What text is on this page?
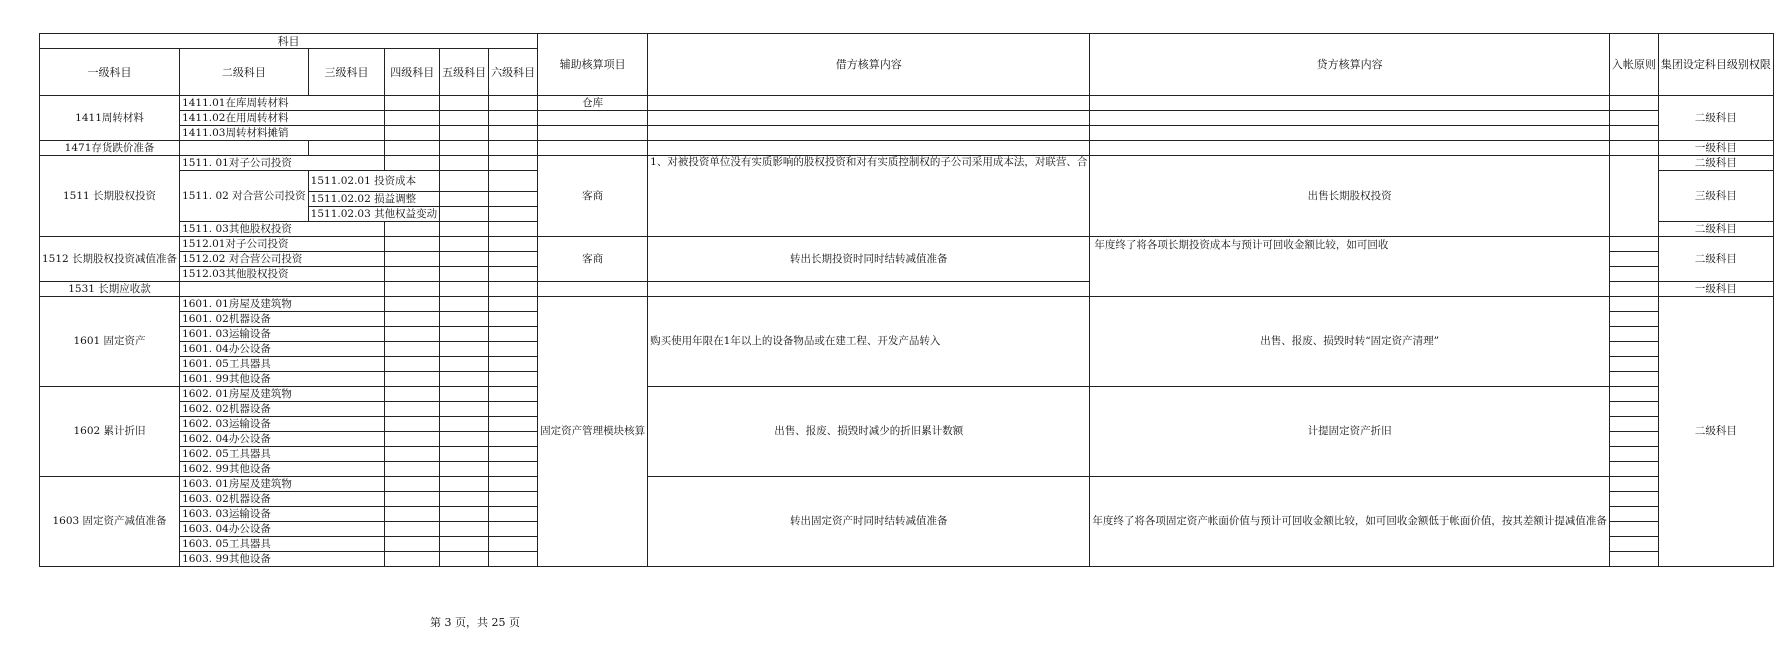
科目						辅助核算项目	借方核算内容	贷方核算内容	入帐原则	集团设定科目级别权限
一级科目	二级科目	三级科目	四级科目	五级科目	六级科目					
1411周转材料	1411.01在库周转材料					仓库				二级科目
	1411.02在用周转材料									
	1411.03周转材料摊销									
1471存货跌价准备										一级科目
1511 长期股权投资	1511. 01对子公司投资					客商	1、对被投资单位没有实质影响的股权投资和对有实质控制权的子公司采用成本法，对联营、合	出售长期股权投资		二级科目
	1511. 02 对合营公司投资	1511.02.01 投资成本								三级科目
		1511.02.02 损益调整								
		1511.02.03 其他权益变动								
	1511. 03其他股权投资									二级科目
1512 长期股权投资减值准备	1512.01对子公司投资					客商	转出长期投资时同时结转减值准备	年度终了将各项长期投资成本与预计可回收金额比较，如可回收		二级科目
	1512.02 对合营公司投资									
	1512.03其他股权投资									
1531 长期应收款										一级科目
1601 固定资产	1601. 01房屋及建筑物					固定资产管理模块核算	购买使用年限在1年以上的设备物品或在建工程、开发产品转入	出售、报废、损毁时转“固定资产清理”		二级科目
	1601. 02机器设备									
	1601. 03运输设备									
	1601. 04办公设备									
	1601. 05工具器具									
	1601. 99其他设备									
1602 累计折旧	1602. 01房屋及建筑物						出售、报废、损毁时减少的折旧累计数额	计提固定资产折旧		
	1602. 02机器设备									
	1602. 03运输设备									
	1602. 04办公设备									
	1602. 05工具器具									
	1602. 99其他设备									
1603 固定资产减值准备	1603. 01房屋及建筑物						转出固定资产时同时结转减值准备	年度终了将各项固定资产帐面价值与预计可回收金额比较，如可回收金额低于帐面价值，按其差额计提减值准备		
	1603. 02机器设备									
	1603. 03运输设备									
	1603. 04办公设备									
	1603. 05工具器具									
	1603. 99其他设备									
第 3 页，共 25 页
